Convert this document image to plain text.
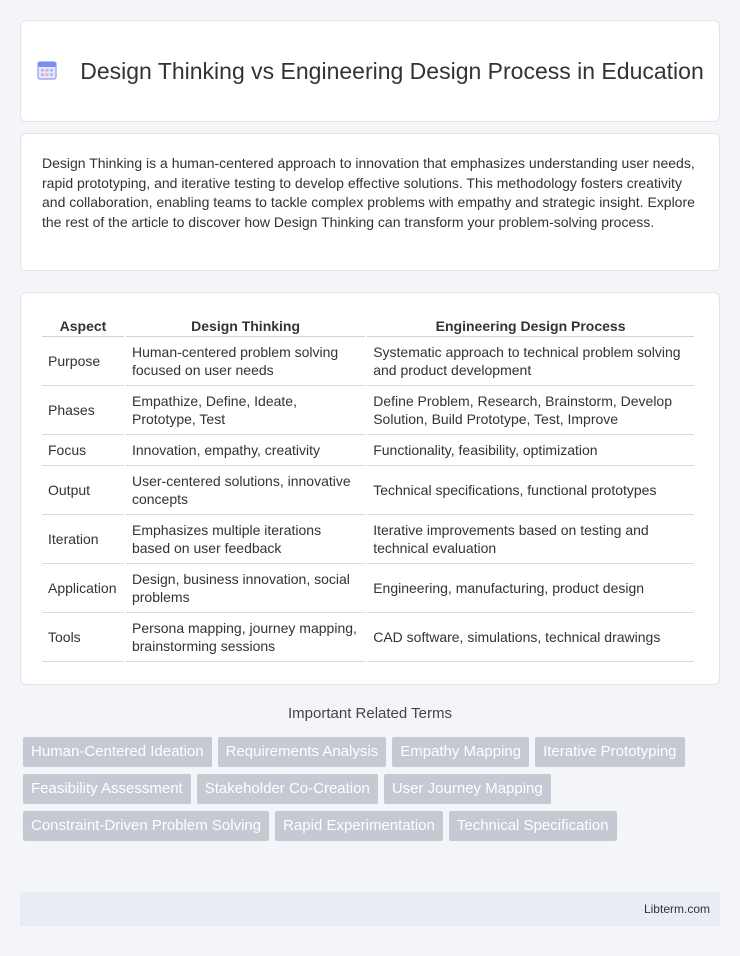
Design Thinking vs Engineering Design Process in Education

Design Thinking is a human-centered approach to innovation that emphasizes understanding user needs, rapid prototyping, and iterative testing to develop effective solutions. This methodology fosters creativity and collaboration, enabling teams to tackle complex problems with empathy and strategic insight. Explore the rest of the article to discover how Design Thinking can transform your problem-solving process.

Aspect	Design Thinking	Engineering Design Process
Purpose	Human-centered problem solving focused on user needs	Systematic approach to technical problem solving and product development
Phases	Empathize, Define, Ideate, Prototype, Test	Define Problem, Research, Brainstorm, Develop Solution, Build Prototype, Test, Improve
Focus	Innovation, empathy, creativity	Functionality, feasibility, optimization
Output	User-centered solutions, innovative concepts	Technical specifications, functional prototypes
Iteration	Emphasizes multiple iterations based on user feedback	Iterative improvements based on testing and technical evaluation
Application	Design, business innovation, social problems	Engineering, manufacturing, product design
Tools	Persona mapping, journey mapping, brainstorming sessions	CAD software, simulations, technical drawings
Important Related Terms
Human-Centered Ideation	Requirements Analysis	Empathy Mapping	Iterative Prototyping
Feasibility Assessment	Stakeholder Co-Creation	User Journey Mapping
Constraint-Driven Problem Solving	Rapid Experimentation	Technical Specification
Libterm.com
